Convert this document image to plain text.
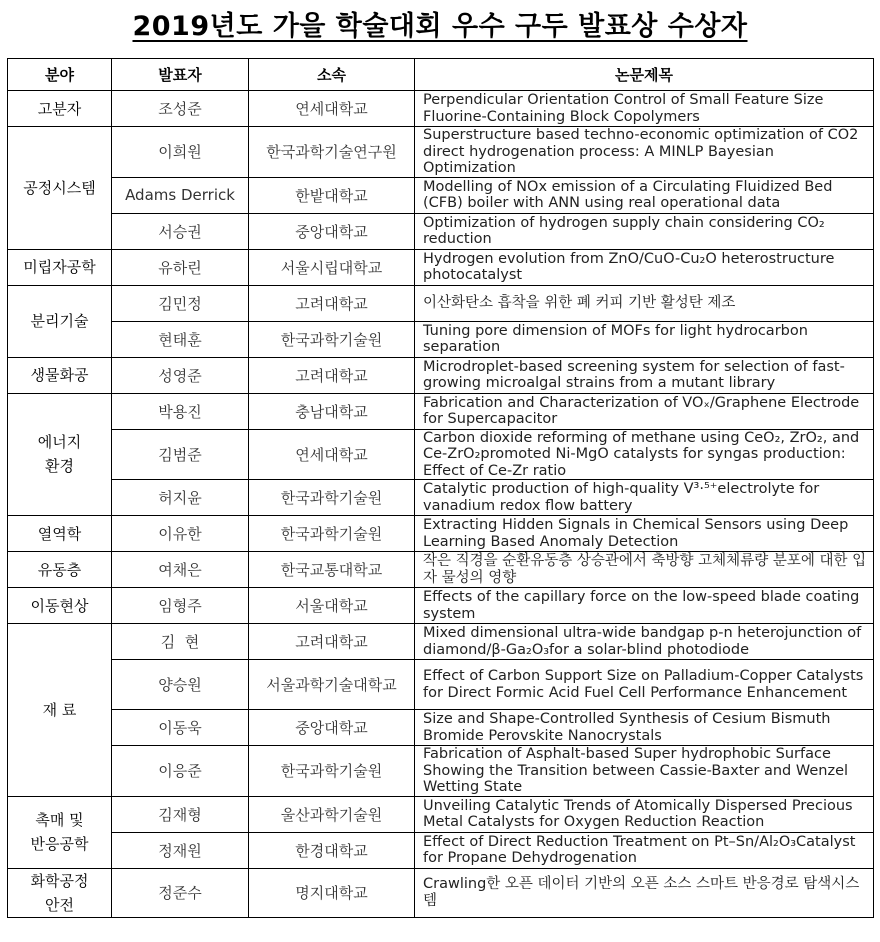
2019년도 가을 학술대회 우수 구두 발표상 수상자
분야	발표자	소속	논문제목
고분자	조성준	연세대학교	Perpendicular Orientation Control of Small Feature Size Fluorine-Containing Block Copolymers

공정시스템	이희원	한국과학기술연구원	Superstructure based techno-economic optimization of CO2 direct hydrogenation process: A MINLP Bayesian Optimization

	Adams Derrick	한밭대학교	Modelling of NOx emission of a Circulating Fluidized Bed (CFB) boiler with ANN using real operational data

	서승권	중앙대학교	Optimization of hydrogen supply chain considering CO₂ reduction

미립자공학	유하린	서울시립대학교	Hydrogen evolution from ZnO/CuO-Cu₂O heterostructure photocatalyst

분리기술	김민정	고려대학교	이산화탄소 흡착을 위한 폐 커피 기반 활성탄 제조

	현태훈	한국과학기술원	Tuning pore dimension of MOFs for light hydrocarbon separation

생물화공	성영준	고려대학교	Microdroplet-based screening system for selection of fast-growing microalgal strains from a mutant library

에너지
환경	박용진	충남대학교	Fabrication and Characterization of VOₓ/Graphene Electrode for Supercapacitor

	김범준	연세대학교	Carbon dioxide reforming of methane using CeO₂, ZrO₂, and Ce-ZrO₂promoted Ni-MgO catalysts for syngas production: Effect of Ce-Zr ratio

	허지윤	한국과학기술원	Catalytic production of high-quality V³·⁵⁺electrolyte for vanadium redox flow battery

열역학	이유한	한국과학기술원	Extracting Hidden Signals in Chemical Sensors using Deep Learning Based Anomaly Detection

유동층	여채은	한국교통대학교	작은 직경을 순환유동층 상승관에서 축방향 고체체류량 분포에 대한 입자 물성의 영향

이동현상	임형주	서울대학교	Effects of the capillary force on the low-speed blade coating system

재 료	김  현	고려대학교	Mixed dimensional ultra-wide bandgap p-n heterojunction of diamond/β-Ga₂O₃for a solar-blind photodiode

	양승원	서울과학기술대학교	Effect of Carbon Support Size on Palladium-Copper Catalysts for Direct Formic Acid Fuel Cell Performance Enhancement

	이동욱	중앙대학교	Size and Shape-Controlled Synthesis of Cesium Bismuth Bromide Perovskite Nanocrystals

	이응준	한국과학기술원	Fabrication of Asphalt-based Super hydrophobic Surface Showing the Transition between Cassie-Baxter and Wenzel Wetting State

촉매 및
반응공학	김재형	울산과학기술원	Unveiling Catalytic Trends of Atomically Dispersed Precious Metal Catalysts for Oxygen Reduction Reaction

	정재원	한경대학교	Effect of Direct Reduction Treatment on Pt–Sn/Al₂O₃Catalyst for Propane Dehydrogenation

화학공정
안전	정준수	명지대학교	Crawling한 오픈 데이터 기반의 오픈 소스 스마트 반응경로 탐색시스템
